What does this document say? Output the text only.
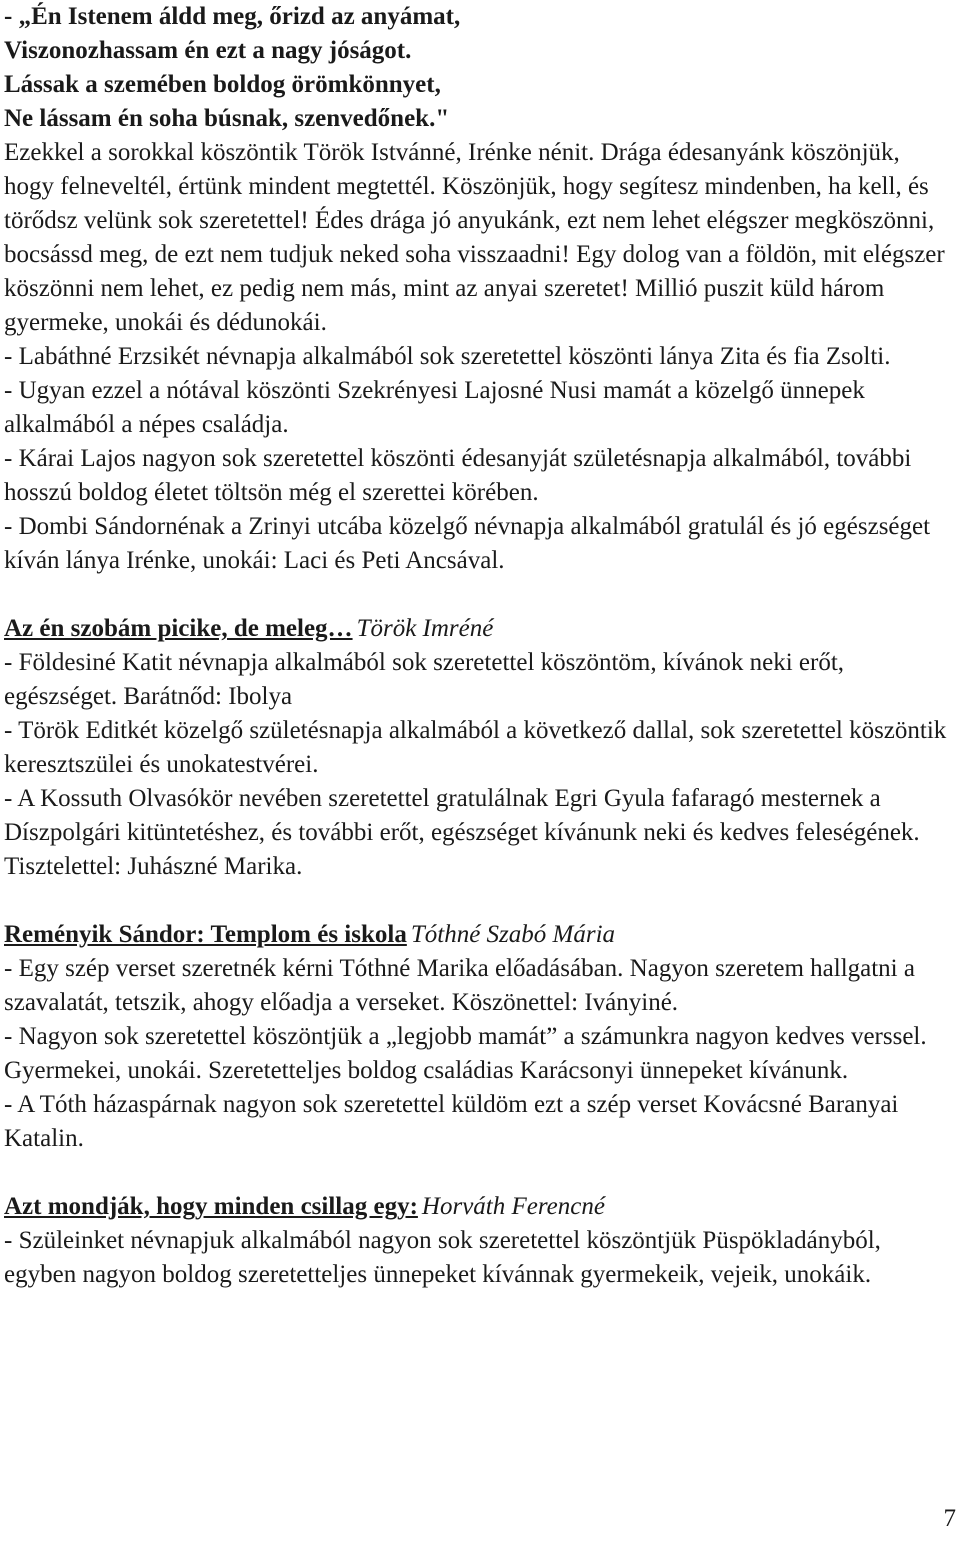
- „Én Istenem áldd meg, őrizd az anyámat,

Viszonozhassam én ezt a nagy jóságot.

Lássak a szemében boldog örömkönnyet,

Ne lássam én soha búsnak, szenvedőnek."

Ezekkel a sorokkal köszöntik Török Istvánné, Irénke nénit. Drága édesanyánk köszönjük, hogy felneveltél, értünk mindent megtettél. Köszönjük, hogy segítesz mindenben, ha kell, és törődsz velünk sok szeretettel! Édes drága jó anyukánk, ezt nem lehet elégszer megköszönni, bocsássd meg, de ezt nem tudjuk neked soha visszaadni! Egy dolog van a földön, mit elégszer köszönni nem lehet, ez pedig nem más, mint az anyai szeretet! Millió puszit küld három gyermeke, unokái és dédunokái.

- Labáthné Erzsikét névnapja alkalmából sok szeretettel köszönti lánya Zita és fia Zsolti.

- Ugyan ezzel a nótával köszönti Szekrényesi Lajosné Nusi mamát a közelgő ünnepek alkalmából a népes családja.

- Kárai Lajos nagyon sok szeretettel köszönti édesanyját születésnapja alkalmából, további hosszú boldog életet töltsön még el szerettei körében.

- Dombi Sándornénak a Zrinyi utcába közelgő névnapja alkalmából gratulál és jó egészséget kíván lánya Irénke, unokái: Laci és Peti Ancsával.

Az én szobám picike, de meleg… Török Imréné

- Földesiné Katit névnapja alkalmából sok szeretettel köszöntöm, kívánok neki erőt, egészséget. Barátnőd: Ibolya

- Török Editkét közelgő születésnapja alkalmából a következő dallal, sok szeretettel köszöntik keresztszülei és unokatestvérei.

- A Kossuth Olvasókör nevében szeretettel gratulálnak Egri Gyula fafaragó mesternek a Díszpolgári kitüntetéshez, és további erőt, egészséget kívánunk neki és kedves feleségének. Tisztelettel: Juhászné Marika.

Reményik Sándor: Templom és iskola Tóthné Szabó Mária

- Egy szép verset szeretnék kérni Tóthné Marika előadásában. Nagyon szeretem hallgatni a szavalatát, tetszik, ahogy előadja a verseket. Köszönettel: Iványiné.

- Nagyon sok szeretettel köszöntjük a „legjobb mamát” a számunkra nagyon kedves verssel. Gyermekei, unokái. Szeretetteljes boldog családias Karácsonyi ünnepeket kívánunk.

- A Tóth házaspárnak nagyon sok szeretettel küldöm ezt a szép verset Kovácsné Baranyai Katalin.

Azt mondják, hogy minden csillag egy: Horváth Ferencné

- Szüleinket névnapjuk alkalmából nagyon sok szeretettel köszöntjük Püspökladányból, egyben nagyon boldog szeretetteljes ünnepeket kívánnak gyermekeik, vejeik, unokáik.

7
